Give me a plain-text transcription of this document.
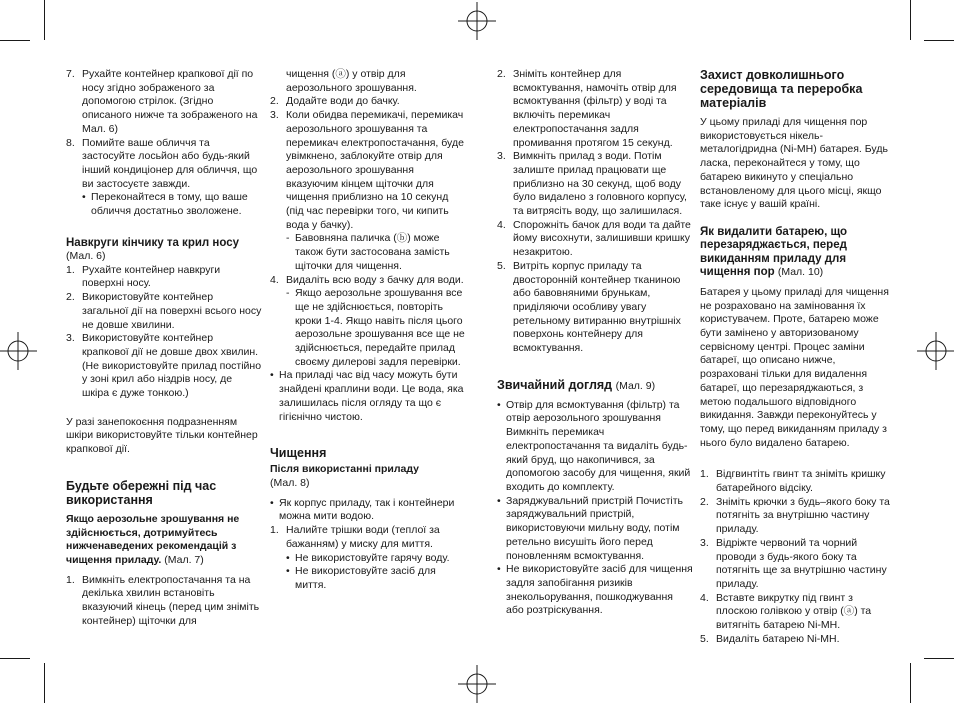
7. Рухайте контейнер крапкової дії по носу згідно зображеного за допомогою стрілок. (Згідно описаного нижче та зображеного на Мал. 6)
8. Помийте ваше обличчя та застосуйте лосьйон або будь-який інший кондиціонер для обличчя, що ви застосуєте завжди.
• Переконайтеся в тому, що ваше обличчя достатньо зволожене.

Навкруги кінчику та крил носу (Мал. 6)

1. Рухайте контейнер навкруги поверхні носу.
2. Використовуйте контейнер загальної дії на поверхні всього носу не довше хвилини.
3. Використовуйте контейнер крапкової дії не довше двох хвилин. (Не використовуйте прилад постійно у зоні крил або ніздрів носу, де шкіра є дуже тонкою.)

У разі занепокоєння подразненням шкіри використовуйте тільки контейнер крапкової дії.

Будьте обережні під час використання

Якщо аерозольне зрошування не здійснюється, дотримуйтесь нижченаведених рекомендацій з чищення приладу. (Мал. 7)

1. Вимкніть електропостачання та на декілька хвилин встановіть вказуючий кінець (перед цим зніміть контейнер) щіточки для

чищення (ⓐ) у отвір для аерозольного зрошування.

2. Додайте води до бачку.
3. Коли обидва перемикачі, перемикач аерозольного зрошування та перемикач електропостачання, буде увімкнено, заблокуйте отвір для аерозольного зрошування вказуючим кінцем щіточки для чищення приблизно на 10 секунд (під час перевірки того, чи кипить вода у бачку).
- Бавовняна паличка (ⓑ) може також бути застосована замість щіточки для чищення.
4. Видаліть всю воду з бачку для води.
- Якщо аерозольне зрошування все ще не здійснюється, повторіть кроки 1-4. Якщо навіть після цього аерозольне зрошування все ще не здійснюється, передайте прилад своєму дилерові задля перевірки.
• На приладі час від часу можуть бути знайдені краплини води. Це вода, яка залишилась після огляду та що є гігієнічно чистою.

Чищення

Після використанні приладу

(Мал. 8)

• Як корпус приладу, так і контейнери можна мити водою.
1. Налийте трішки води (теплої за бажанням) у миску для миття.
• Не використовуйте гарячу воду.
• Не використовуйте засіб для миття.
2. Зніміть контейнер для всмоктування, намочіть отвір для всмоктування (фільтр) у воді та включіть перемикач електропостачання задля промивання протягом 15 секунд.
3. Вимкніть прилад з води. Потім залиште прилад працювати ще приблизно на 30 секунд, щоб воду було видалено з головного корпусу, та витрясіть воду, що залишилася.
4. Спорожніть бачок для води та дайте йому висохнути, залишивши кришку незакритою.
5. Витріть корпус приладу та двосторонній контейнер тканиною або бавовняними брунькам, приділяючи особливу увагу ретельному витиранню внутрішніх поверхонь контейнеру для всмоктування.

Звичайний догляд (Мал. 9)

• Отвір для всмоктування (фільтр) та отвір аерозольного зрошування Вимкніть перемикач електропостачання та видаліть будь-який бруд, що накопичився, за допомогою засобу для чищення, який входить до комплекту.
• Заряджувальний пристрій Почистіть заряджувальний пристрій, використовуючи мильну воду, потім ретельно висушіть його перед поновленням всмоктування.
• Не використовуйте засіб для чищення задля запобігання ризиків знекольорування, пошкоджування або розтріскування.

Захист довколишнього середовища та переробка матеріалів

У цьому приладі для чищення пор використовується нікель-металогідридна (Ni-MH) батарея. Будь ласка, переконайтеся у тому, що батарею викинуто у спеціально встановленому для цього місці, якщо таке існує у вашій країні.

Як видалити батарею, що перезаряджається, перед викиданням приладу для чищення пор (Мал. 10)

Батарея у цьому приладі для чищення не розраховано на заміновання їх користувачем. Проте, батарею може бути замінено у авторизованому сервісному центрі. Процес заміни батареї, що описано нижче, розраховані тільки для видалення батареї, що перезаряджаються, з метою подальшого відповідного викидання. Завжди переконуйтесь у тому, що перед викиданням приладу з нього було видалено батарею.

1. Відгвинтіть гвинт та зніміть кришку батарейного відсіку.
2. Зніміть крючки з будь–якого боку та потягніть за внутрішню частину приладу.
3. Відріжте червоний та чорний проводи з будь-якого боку та потягніть ще за внутрішню частину приладу.
4. Вставте викрутку під гвинт з плоскою голівкою у отвір (ⓐ) та витягніть батарею Ni-MH.
5. Видаліть батарею Ni-MH.
